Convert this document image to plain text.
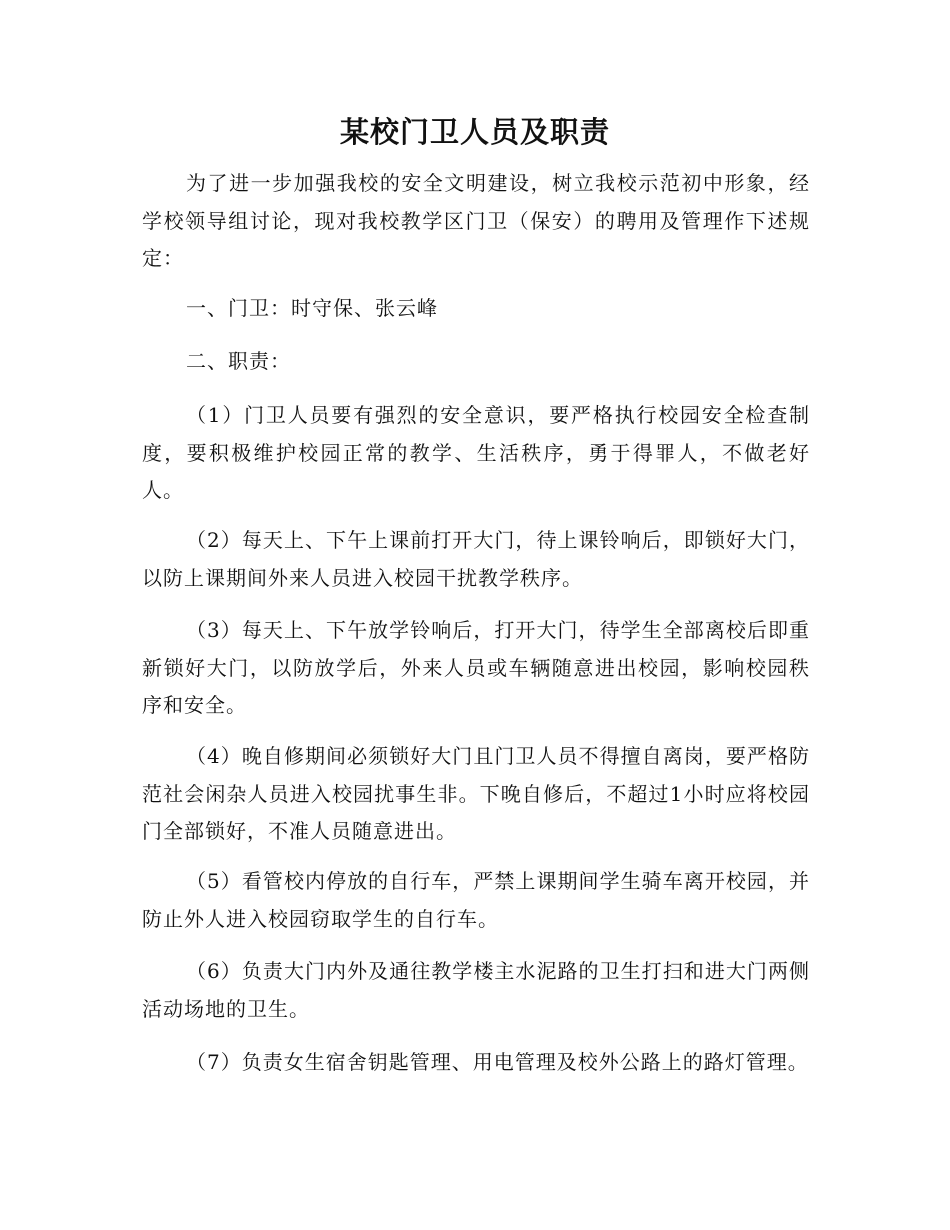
某校门卫人员及职责

为了进一步加强我校的安全文明建设，树立我校示范初中形象，经学校领导组讨论，现对我校教学区门卫（保安）的聘用及管理作下述规定：

一、门卫：时守保、张云峰

二、职责：

（1）门卫人员要有强烈的安全意识，要严格执行校园安全检查制度，要积极维护校园正常的教学、生活秩序，勇于得罪人，不做老好人。

（2）每天上、下午上课前打开大门，待上课铃响后，即锁好大门，以防上课期间外来人员进入校园干扰教学秩序。

（3）每天上、下午放学铃响后，打开大门，待学生全部离校后即重新锁好大门，以防放学后，外来人员或车辆随意进出校园，影响校园秩序和安全。

（4）晚自修期间必须锁好大门且门卫人员不得擅自离岗，要严格防范社会闲杂人员进入校园扰事生非。下晚自修后，不超过1小时应将校园门全部锁好，不准人员随意进出。

（5）看管校内停放的自行车，严禁上课期间学生骑车离开校园，并防止外人进入校园窃取学生的自行车。

（6）负责大门内外及通往教学楼主水泥路的卫生打扫和进大门两侧活动场地的卫生。

（7）负责女生宿舍钥匙管理、用电管理及校外公路上的路灯管理。
